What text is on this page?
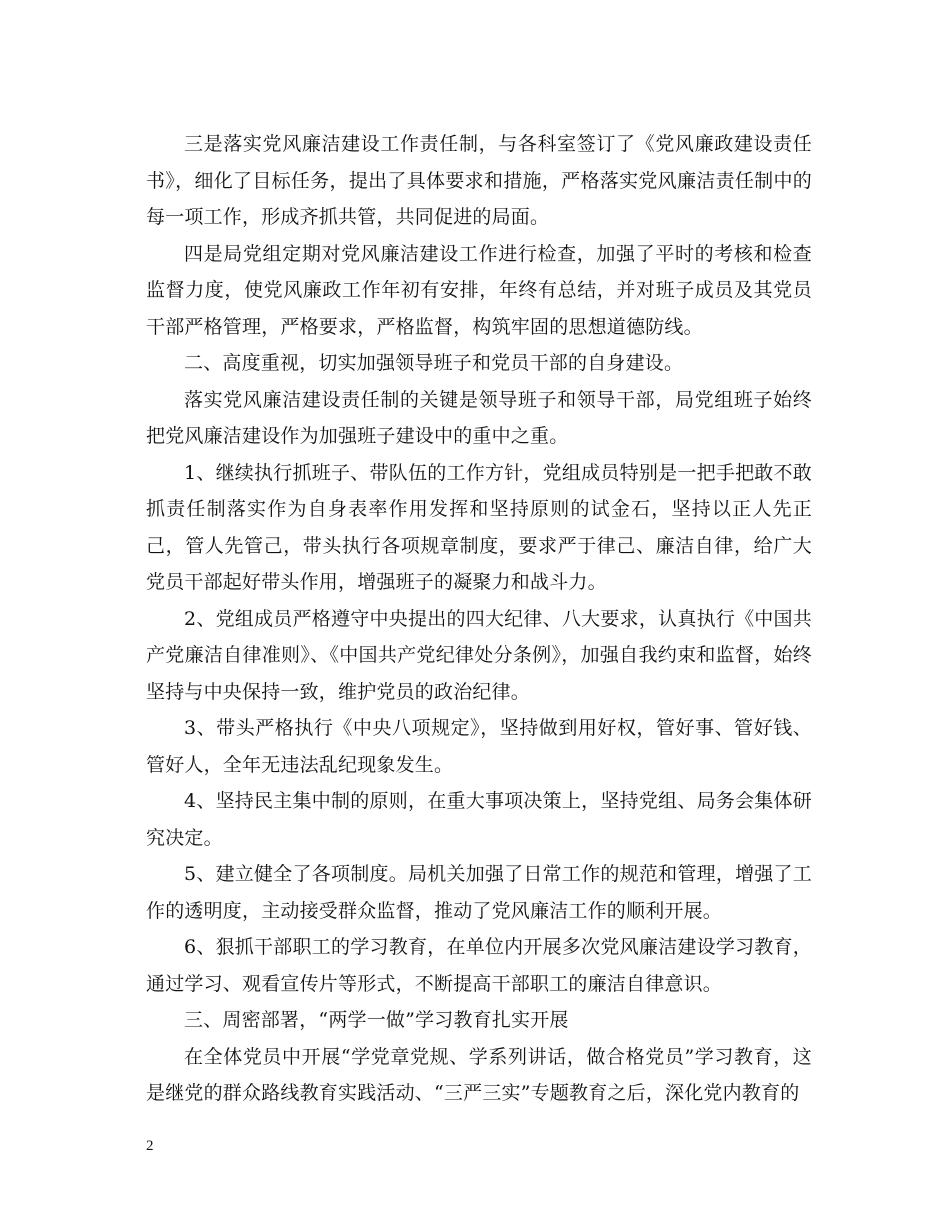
三是落实党风廉洁建设工作责任制，与各科室签订了《党风廉政建设责任书》，细化了目标任务，提出了具体要求和措施，严格落实党风廉洁责任制中的每一项工作，形成齐抓共管，共同促进的局面。

四是局党组定期对党风廉洁建设工作进行检查，加强了平时的考核和检查监督力度，使党风廉政工作年初有安排，年终有总结，并对班子成员及其党员干部严格管理，严格要求，严格监督，构筑牢固的思想道德防线。

二、高度重视，切实加强领导班子和党员干部的自身建设。

落实党风廉洁建设责任制的关键是领导班子和领导干部，局党组班子始终把党风廉洁建设作为加强班子建设中的重中之重。

1、继续执行抓班子、带队伍的工作方针，党组成员特别是一把手把敢不敢抓责任制落实作为自身表率作用发挥和坚持原则的试金石，坚持以正人先正己，管人先管己，带头执行各项规章制度，要求严于律己、廉洁自律，给广大党员干部起好带头作用，增强班子的凝聚力和战斗力。

2、党组成员严格遵守中央提出的四大纪律、八大要求，认真执行《中国共产党廉洁自律准则》、《中国共产党纪律处分条例》，加强自我约束和监督，始终坚持与中央保持一致，维护党员的政治纪律。

3、带头严格执行《中央八项规定》，坚持做到用好权，管好事、管好钱、管好人，全年无违法乱纪现象发生。

4、坚持民主集中制的原则，在重大事项决策上，坚持党组、局务会集体研究决定。

5、建立健全了各项制度。局机关加强了日常工作的规范和管理，增强了工作的透明度，主动接受群众监督，推动了党风廉洁工作的顺利开展。

6、狠抓干部职工的学习教育，在单位内开展多次党风廉洁建设学习教育，通过学习、观看宣传片等形式，不断提高干部职工的廉洁自律意识。

三、周密部署，“两学一做”学习教育扎实开展

在全体党员中开展“学党章党规、学系列讲话，做合格党员”学习教育，这是继党的群众路线教育实践活动、“三严三实”专题教育之后，深化党内教育的

2
